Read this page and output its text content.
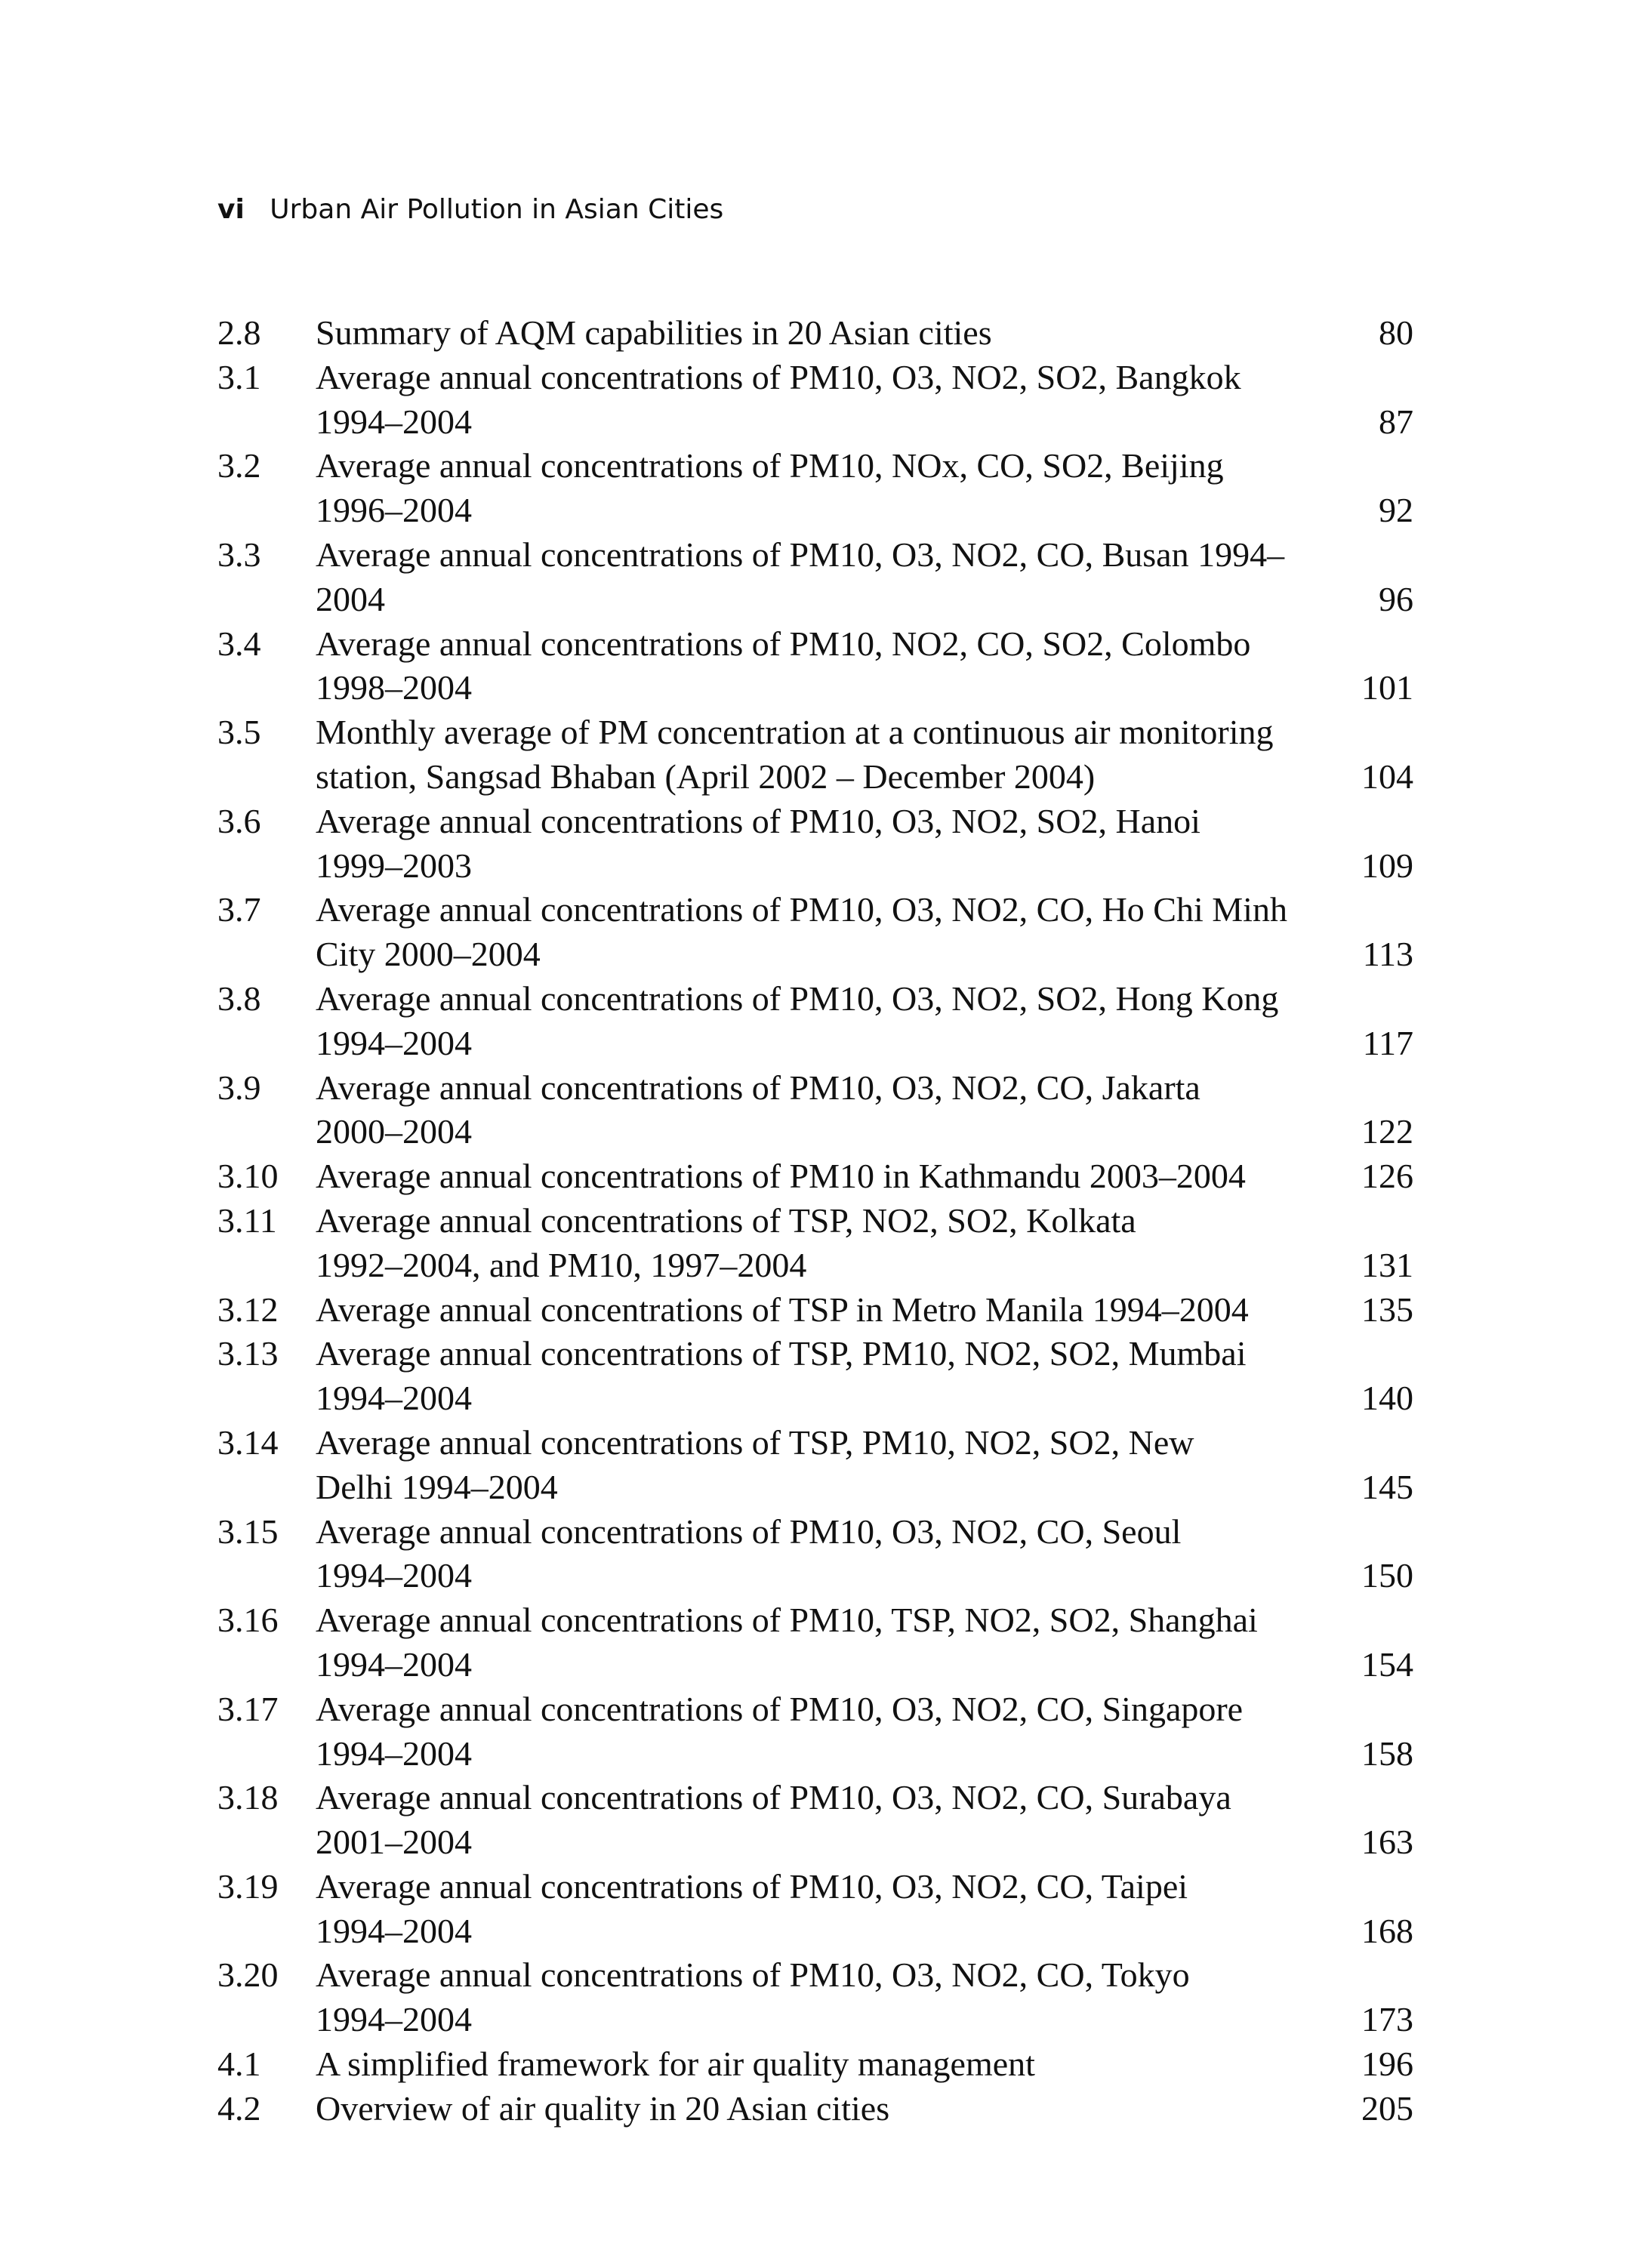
vi Urban Air Pollution in Asian Cities
2.8	Summary of AQM capabilities in 20 Asian cities	80
3.1	Average annual concentrations of PM10, O3, NO2, SO2, Bangkok
1994–2004	87
3.2	Average annual concentrations of PM10, NOx, CO, SO2, Beijing
1996–2004	92
3.3	Average annual concentrations of PM10, O3, NO2, CO, Busan 1994–2004	96
3.4	Average annual concentrations of PM10, NO2, CO, SO2, Colombo
1998–2004	101
3.5	Monthly average of PM concentration at a continuous air monitoring
station, Sangsad Bhaban (April 2002 – December 2004)	104
3.6	Average annual concentrations of PM10, O3, NO2, SO2, Hanoi
1999–2003	109
3.7	Average annual concentrations of PM10, O3, NO2, CO, Ho Chi Minh
City 2000–2004	113
3.8	Average annual concentrations of PM10, O3, NO2, SO2, Hong Kong
1994–2004	117
3.9	Average annual concentrations of PM10, O3, NO2, CO, Jakarta
2000–2004	122
3.10	Average annual concentrations of PM10 in Kathmandu 2003–2004	126
3.11	Average annual concentrations of TSP, NO2, SO2, Kolkata
1992–2004, and PM10, 1997–2004	131
3.12	Average annual concentrations of TSP in Metro Manila 1994–2004	135
3.13	Average annual concentrations of TSP, PM10, NO2, SO2, Mumbai
1994–2004	140
3.14	Average annual concentrations of TSP, PM10, NO2, SO2, New
Delhi 1994–2004	145
3.15	Average annual concentrations of PM10, O3, NO2, CO, Seoul
1994–2004	150
3.16	Average annual concentrations of PM10, TSP, NO2, SO2, Shanghai
1994–2004	154
3.17	Average annual concentrations of PM10, O3, NO2, CO, Singapore
1994–2004	158
3.18	Average annual concentrations of PM10, O3, NO2, CO, Surabaya
2001–2004	163
3.19	Average annual concentrations of PM10, O3, NO2, CO, Taipei
1994–2004	168
3.20	Average annual concentrations of PM10, O3, NO2, CO, Tokyo
1994–2004	173
4.1	A simplified framework for air quality management	196
4.2	Overview of air quality in 20 Asian cities	205
